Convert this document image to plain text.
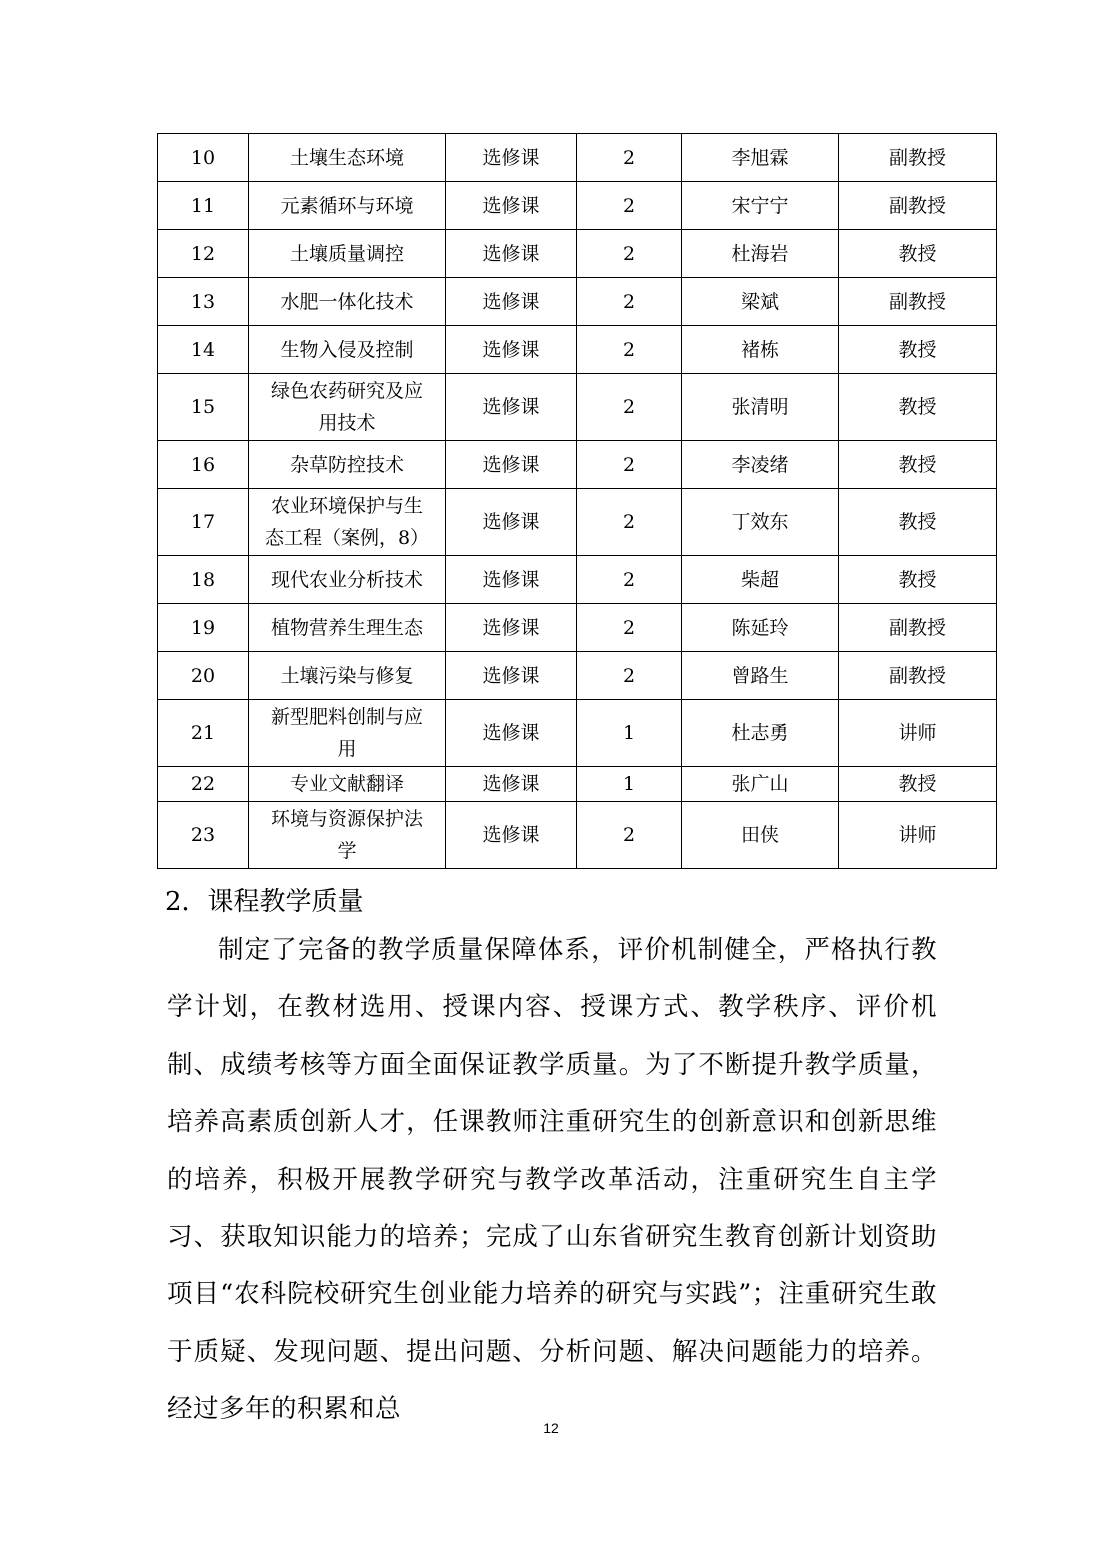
10	土壤生态环境	选修课	2	李旭霖	副教授
11	元素循环与环境	选修课	2	宋宁宁	副教授
12	土壤质量调控	选修课	2	杜海岩	教授
13	水肥一体化技术	选修课	2	梁斌	副教授
14	生物入侵及控制	选修课	2	褚栋	教授
15	绿色农药研究及应用技术	选修课	2	张清明	教授
16	杂草防控技术	选修课	2	李凌绪	教授
17	农业环境保护与生态工程（案例，8）	选修课	2	丁效东	教授
18	现代农业分析技术	选修课	2	柴超	教授
19	植物营养生理生态	选修课	2	陈延玲	副教授
20	土壤污染与修复	选修课	2	曾路生	副教授
21	新型肥料创制与应用	选修课	1	杜志勇	讲师
22	专业文献翻译	选修课	1	张广山	教授
23	环境与资源保护法学	选修课	2	田侠	讲师
2．课程教学质量

制定了完备的教学质量保障体系，评价机制健全，严格执行教学计划，在教材选用、授课内容、授课方式、教学秩序、评价机制、成绩考核等方面全面保证教学质量。为了不断提升教学质量，培养高素质创新人才，任课教师注重研究生的创新意识和创新思维的培养，积极开展教学研究与教学改革活动，注重研究生自主学习、获取知识能力的培养；完成了山东省研究生教育创新计划资助项目“农科院校研究生创业能力培养的研究与实践”；注重研究生敢于质疑、发现问题、提出问题、分析问题、解决问题能力的培养。 经过多年的积累和总

12
